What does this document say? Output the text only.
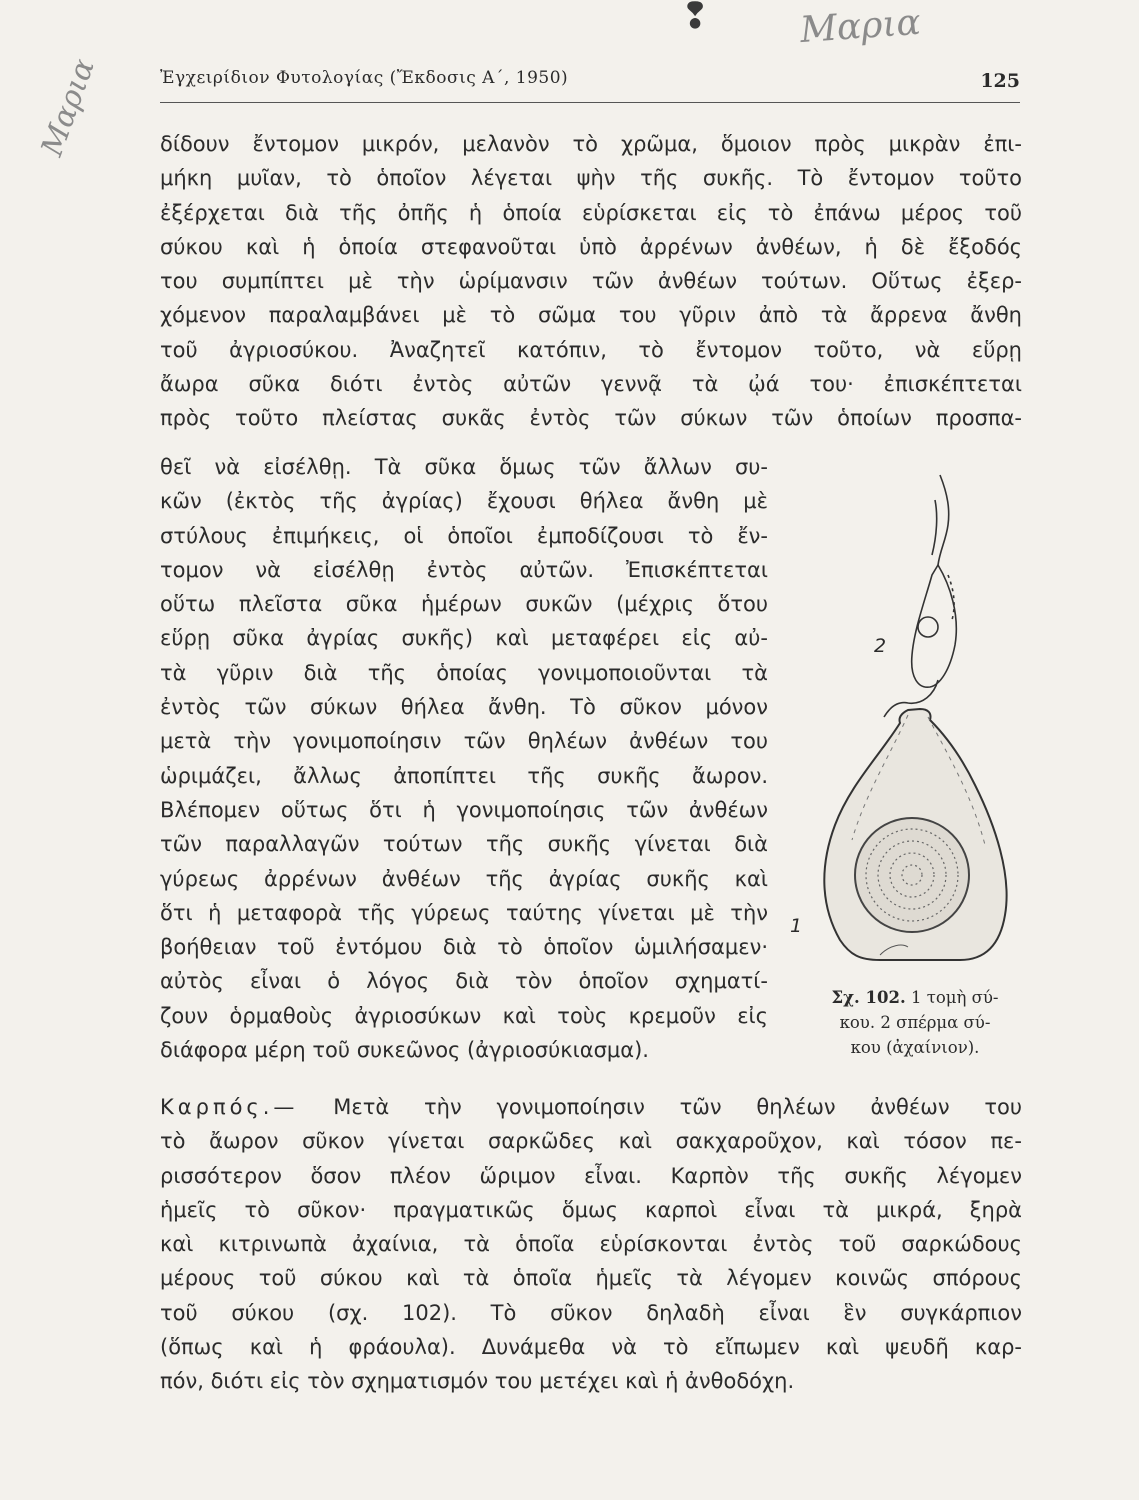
❢ Μαρια
Μαρια	Ἐγχειρίδιον Φυτολογίας (Ἔκδοσις Α΄, 1950)	125

δίδουν ἔντομον μικρόν, μελανὸν τὸ χρῶμα, ὅμοιον πρὸς μικρὰν ἐπι-

μήκη μυῖαν, τὸ ὁποῖον λέγεται ψὴν τῆς συκῆς. Τὸ ἔντομον τοῦτο

ἐξέρχεται διὰ τῆς ὀπῆς ἡ ὁποία εὑρίσκεται εἰς τὸ ἐπάνω μέρος τοῦ

σύκου καὶ ἡ ὁποία στεφανοῦται ὑπὸ ἀρρένων ἀνθέων, ἡ δὲ ἔξοδός

του συμπίπτει μὲ τὴν ὡρίμανσιν τῶν ἀνθέων τούτων. Οὕτως ἐξερ-

χόμενον παραλαμβάνει μὲ τὸ σῶμα του γῦριν ἀπὸ τὰ ἄρρενα ἄνθη

τοῦ ἀγριοσύκου. Ἀναζητεῖ κατόπιν, τὸ ἔντομον τοῦτο, νὰ εὕρῃ

ἄωρα σῦκα διότι ἐντὸς αὐτῶν γεννᾷ τὰ ᾠά του· ἐπισκέπτεται

πρὸς τοῦτο πλείστας συκᾶς ἐντὸς τῶν σύκων τῶν ὁποίων προσπα-

θεῖ νὰ εἰσέλθῃ. Τὰ σῦκα ὅμως τῶν ἄλλων συ-

κῶν (ἐκτὸς τῆς ἀγρίας) ἔχουσι θήλεα ἄνθη μὲ

στύλους ἐπιμήκεις, οἱ ὁποῖοι ἐμποδίζουσι τὸ ἔν-

τομον νὰ εἰσέλθῃ ἐντὸς αὐτῶν. Ἐπισκέπτεται

οὕτω πλεῖστα σῦκα ἡμέρων συκῶν (μέχρις ὅτου

εὕρῃ σῦκα ἀγρίας συκῆς) καὶ μεταφέρει εἰς αὐ-

τὰ γῦριν διὰ τῆς ὁποίας γονιμοποιοῦνται τὰ

ἐντὸς τῶν σύκων θήλεα ἄνθη. Τὸ σῦκον μόνον

μετὰ τὴν γονιμοποίησιν τῶν θηλέων ἀνθέων του

ὡριμάζει, ἄλλως ἀποπίπτει τῆς συκῆς ἄωρον.

Βλέπομεν οὕτως ὅτι ἡ γονιμοποίησις τῶν ἀνθέων

τῶν παραλλαγῶν τούτων τῆς συκῆς γίνεται διὰ

γύρεως ἀρρένων ἀνθέων τῆς ἀγρίας συκῆς καὶ

ὅτι ἡ μεταφορὰ τῆς γύρεως ταύτης γίνεται μὲ τὴν

βοήθειαν τοῦ ἐντόμου διὰ τὸ ὁποῖον ὡμιλήσαμεν·

αὐτὸς εἶναι ὁ λόγος διὰ τὸν ὁποῖον σχηματί-

ζουν ὁρμαθοὺς ἀγριοσύκων καὶ τοὺς κρεμοῦν εἰς

διάφορα μέρη τοῦ συκεῶνος (ἀγριοσύκιασμα).

2
1
Σχ. 102. 1 τομὴ σύ-
κου. 2 σπέρμα σύ-
κου (ἀχαίνιον).

Καρπός.— Μετὰ τὴν γονιμοποίησιν τῶν θηλέων ἀνθέων του

τὸ ἄωρον σῦκον γίνεται σαρκῶδες καὶ σακχαροῦχον, καὶ τόσον πε-

ρισσότερον ὅσον πλέον ὥριμον εἶναι. Καρπὸν τῆς συκῆς λέγομεν

ἡμεῖς τὸ σῦκον· πραγματικῶς ὅμως καρποὶ εἶναι τὰ μικρά, ξηρὰ

καὶ κιτρινωπὰ ἀχαίνια, τὰ ὁποῖα εὑρίσκονται ἐντὸς τοῦ σαρκώδους

μέρους τοῦ σύκου καὶ τὰ ὁποῖα ἡμεῖς τὰ λέγομεν κοινῶς σπόρους

τοῦ σύκου (σχ. 102). Τὸ σῦκον δηλαδὴ εἶναι ἓν συγκάρπιον

(ὅπως καὶ ἡ φράουλα). Δυνάμεθα νὰ τὸ εἴπωμεν καὶ ψευδῆ καρ-

πόν, διότι εἰς τὸν σχηματισμόν του μετέχει καὶ ἡ ἀνθοδόχη.
